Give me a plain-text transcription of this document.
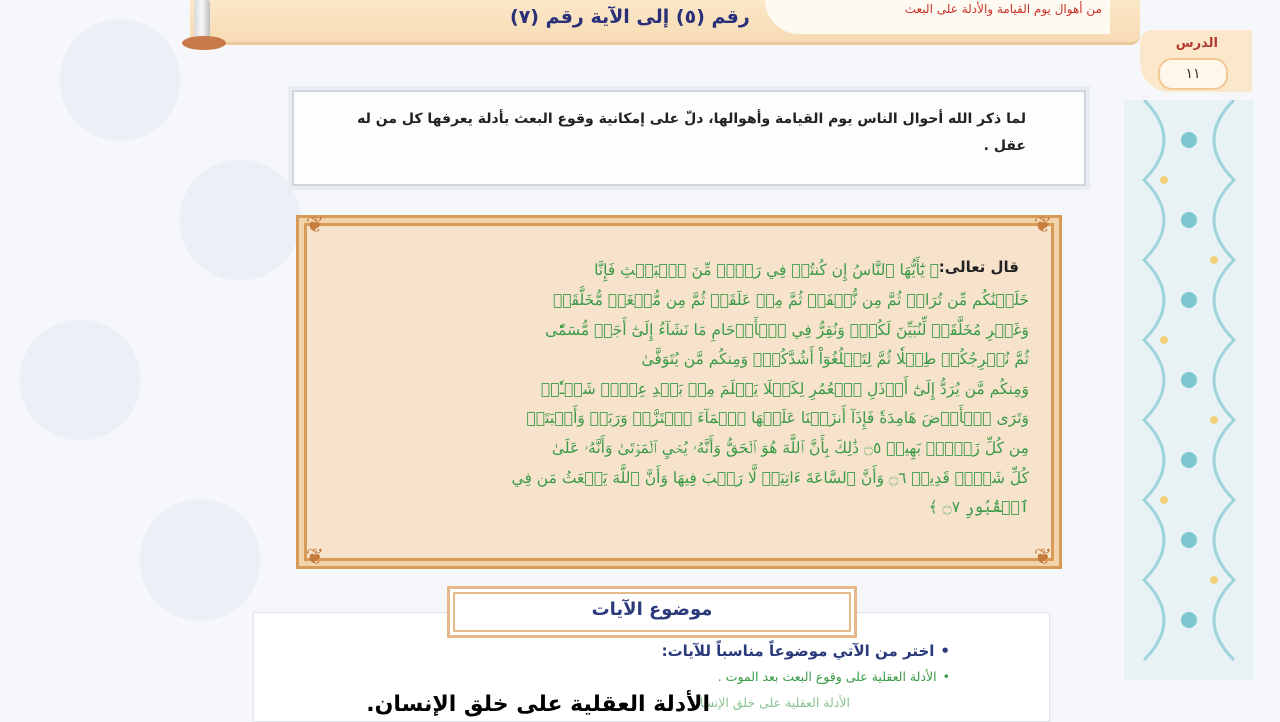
رقم (٥) إلى الآية رقم (٧)	من أهوال يوم القيامة والأدلة على البعث
الدرس
١١
لما ذكر الله أحوال الناس يوم القيامة وأهوالها، دلّ على إمكانية وقوع البعث بأدلة يعرفها كل من له عقل .
❦	❦
❦	❦
قال تعالى:
﴿ يَٰٓأَيُّهَا ٱلنَّاسُ إِن كُنتُمۡ فِي رَيۡبٖ مِّنَ ٱلۡبَعۡثِ فَإِنَّا
خَلَقۡنَٰكُم مِّن تُرَابٖ ثُمَّ مِن نُّطۡفَةٖ ثُمَّ مِنۡ عَلَقَةٖ ثُمَّ مِن مُّضۡغَةٖ مُّخَلَّقَةٖ
وَغَيۡرِ مُخَلَّقَةٖ لِّنُبَيِّنَ لَكُمۡۚ وَنُقِرُّ فِي ٱلۡأَرۡحَامِ مَا نَشَآءُ إِلَىٰٓ أَجَلٖ مُّسَمّٗى
ثُمَّ نُخۡرِجُكُمۡ طِفۡلٗا ثُمَّ لِتَبۡلُغُوٓاْ أَشُدَّكُمۡۖ وَمِنكُم مَّن يُتَوَفَّىٰ
وَمِنكُم مَّن يُرَدُّ إِلَىٰٓ أَرۡذَلِ ٱلۡعُمُرِ لِكَيۡلَا يَعۡلَمَ مِنۢ بَعۡدِ عِلۡمٖ شَيۡـٔٗاۚ
وَتَرَى ٱلۡأَرۡضَ هَامِدَةٗ فَإِذَآ أَنزَلۡنَا عَلَيۡهَا ٱلۡمَآءَ ٱهۡتَزَّتۡ وَرَبَتۡ وَأَنۢبَتَتۡ
مِن كُلِّ زَوۡجِۭ بَهِيجٖ ۝٥ ذَٰلِكَ بِأَنَّ ٱللَّهَ هُوَ ٱلۡحَقُّ وَأَنَّهُۥ يُحۡيِ ٱلۡمَوۡتَىٰ وَأَنَّهُۥ عَلَىٰ
كُلِّ شَيۡءٖ قَدِيرٞ ۝٦ وَأَنَّ ٱلسَّاعَةَ ءَاتِيَةٞ لَّا رَيۡبَ فِيهَا وَأَنَّ ٱللَّهَ يَبۡعَثُ مَن فِي
ٱلۡقُبُورِ ۝٧ ﴾
موضوع الآيات
•اختر من الآتي موضوعاً مناسباً للآيات:
•الأدلة العقلية على وقوع البعث بعد الموت .
الأدلة العقلية على خلق الإنسان
الأدلة العقلية على خلق الإنسان.
